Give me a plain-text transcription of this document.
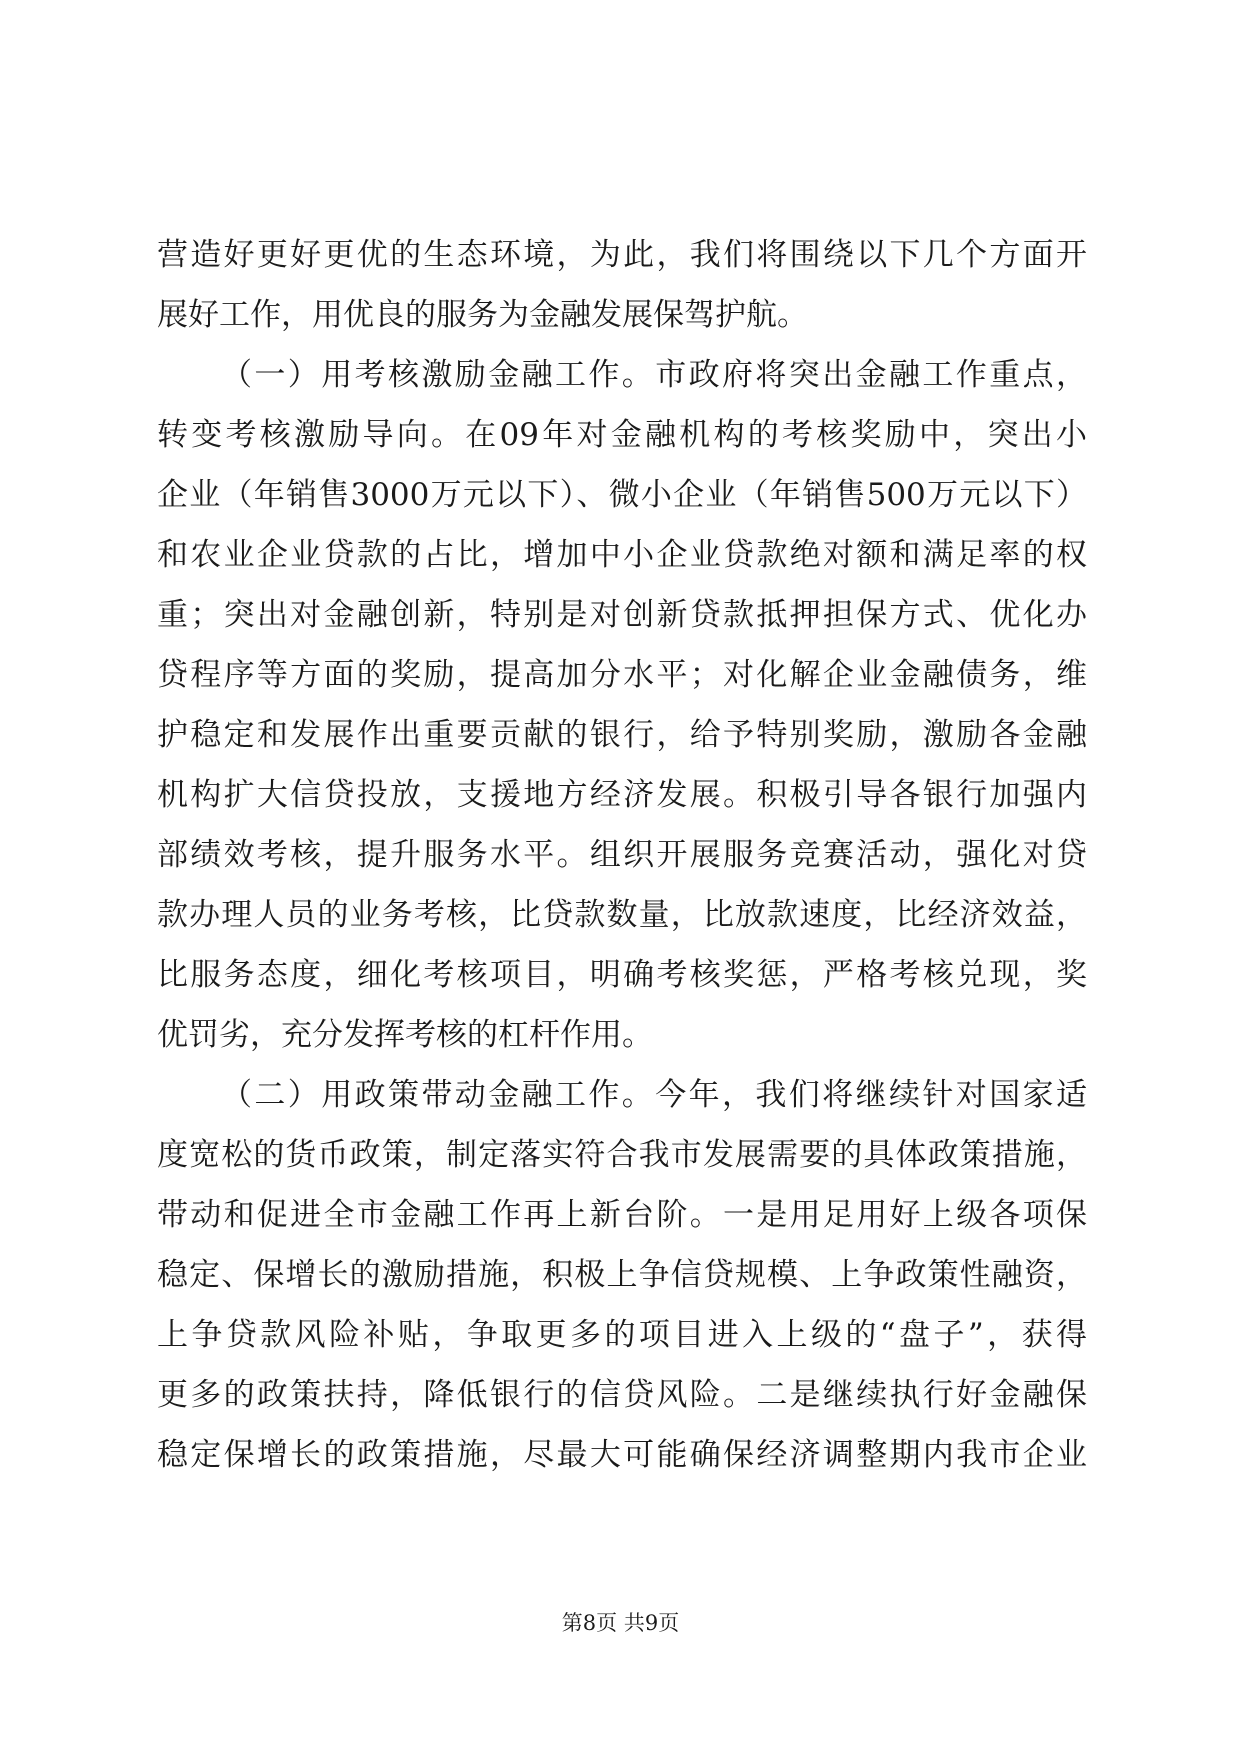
营造好更好更优的生态环境，为此，我们将围绕以下几个方面开
展好工作，用优良的服务为金融发展保驾护航。
（一）用考核激励金融工作。市政府将突出金融工作重点，
转变考核激励导向。在09年对金融机构的考核奖励中，突出小
企业（年销售3000万元以下）、微小企业（年销售500万元以下）
和农业企业贷款的占比，增加中小企业贷款绝对额和满足率的权
重；突出对金融创新，特别是对创新贷款抵押担保方式、优化办
贷程序等方面的奖励，提高加分水平；对化解企业金融债务，维
护稳定和发展作出重要贡献的银行，给予特别奖励，激励各金融
机构扩大信贷投放，支援地方经济发展。积极引导各银行加强内
部绩效考核，提升服务水平。组织开展服务竞赛活动，强化对贷
款办理人员的业务考核，比贷款数量，比放款速度，比经济效益，
比服务态度，细化考核项目，明确考核奖惩，严格考核兑现，奖
优罚劣，充分发挥考核的杠杆作用。
（二）用政策带动金融工作。今年，我们将继续针对国家适
度宽松的货币政策，制定落实符合我市发展需要的具体政策措施，
带动和促进全市金融工作再上新台阶。一是用足用好上级各项保
稳定、保增长的激励措施，积极上争信贷规模、上争政策性融资，
上争贷款风险补贴，争取更多的项目进入上级的“盘子”，获得
更多的政策扶持，降低银行的信贷风险。二是继续执行好金融保
稳定保增长的政策措施，尽最大可能确保经济调整期内我市企业
第8页 共9页
